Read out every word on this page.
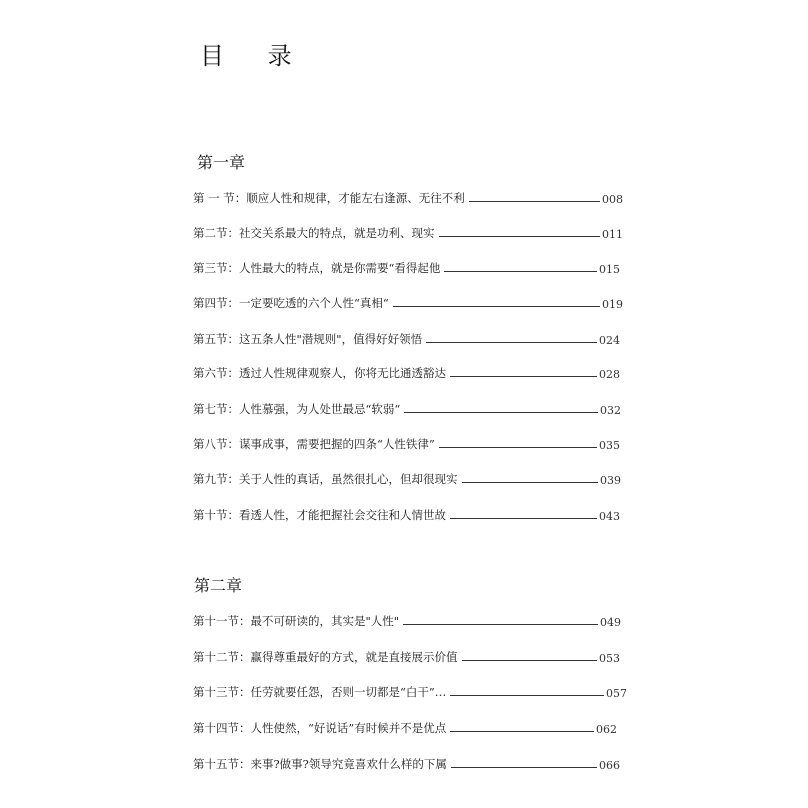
目 录
第一章
第 一 节：顺应人性和规律，才能左右逢源、无往不利	008
第二节：社交关系最大的特点，就是功利、现实	011
第三节：人性最大的特点，就是你需要“看得起他	015
第四节：一定要吃透的六个人性“真相“	019
第五节：这五条人性"潜规则"，值得好好领悟	024
第六节：透过人性规律观察人，你将无比通透豁达	028
第七节：人性慕强，为人处世最忌“软弱“	032
第八节：谋事成事，需要把握的四条“人性铁律”	035
第九节：关于人性的真话，虽然很扎心，但却很现实	039
第十节：看透人性，才能把握社会交往和人情世故	043
第二章
第十一节：最不可研读的，其实是"人性"	049
第十二节：赢得尊重最好的方式，就是直接展示价值	053
第十三节：任劳就要任怨，否则一切都是“白干”…	057
第十四节：人性使然，“好说话”有时候并不是优点	062
第十五节：来事?做事?领导究竟喜欢什么样的下属	066
